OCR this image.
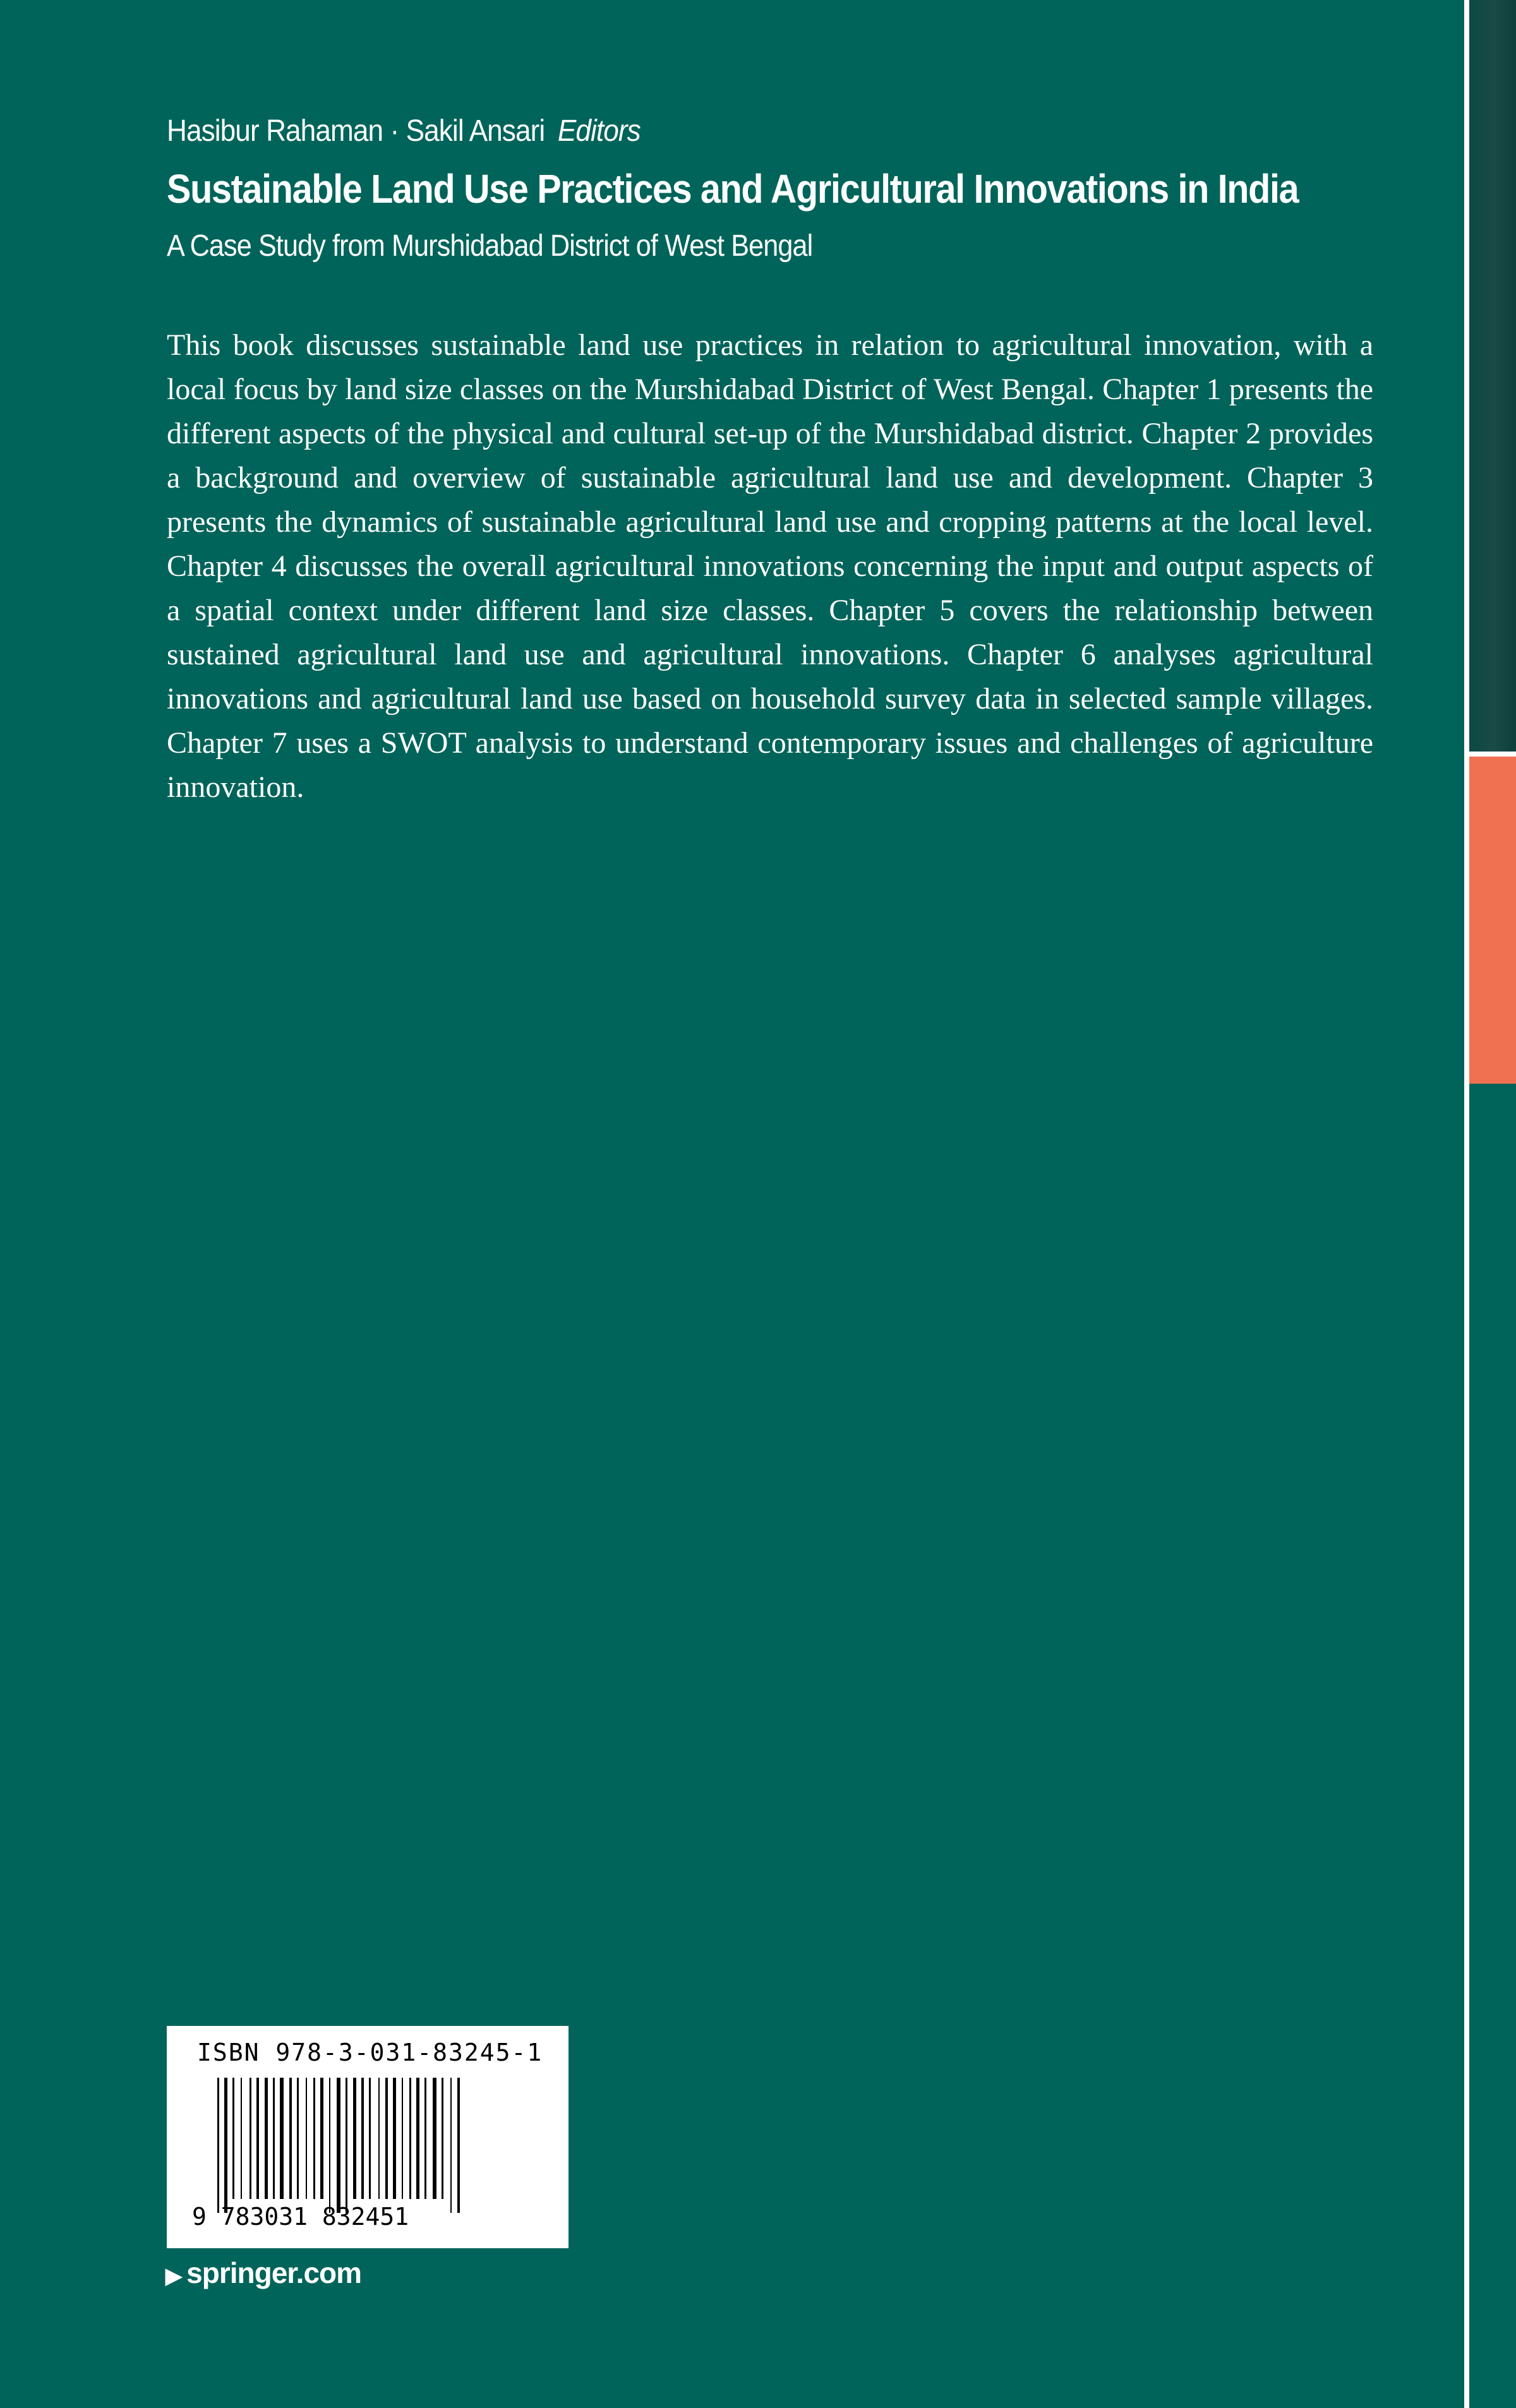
Hasibur Rahaman · Sakil Ansari Editors
Sustainable Land Use Practices and Agricultural Innovations in India
A Case Study from Murshidabad District of West Bengal

This book discusses sustainable land use practices in relation to agricultural innovation, with a local focus by land size classes on the Murshidabad District of West Bengal. Chapter 1 presents the different aspects of the physical and cultural set-up of the Murshidabad district. Chapter 2 provides a background and overview of sustainable agricultural land use and development. Chapter 3 presents the dynamics of sustainable agricultural land use and cropping patterns at the local level. Chapter 4 discusses the overall agricultural innovations concerning the input and output aspects of a spatial context under different land size classes. Chapter 5 covers the relationship between sustained agricultural land use and agricultural innovations. Chapter 6 analyses agricultural innovations and agricultural land use based on household survey data in selected sample villages. Chapter 7 uses a SWOT analysis to understand contemporary issues and challenges of agriculture innovation.

ISBN 978-3-031-83245-1
9 783031 832451
▶ springer.com
